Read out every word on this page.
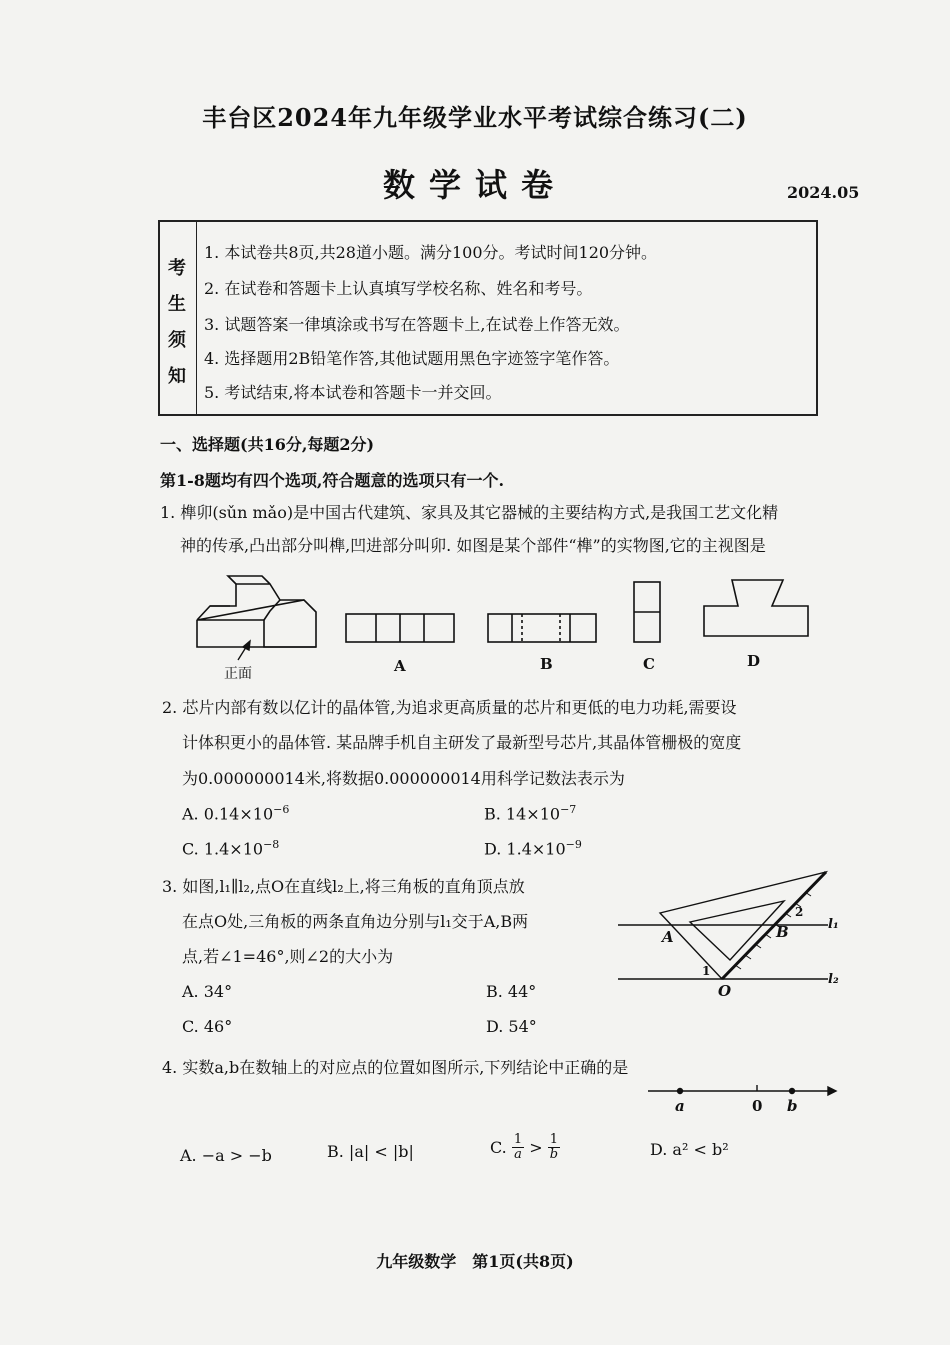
丰台区2024年九年级学业水平考试综合练习(二)
数学试卷	2024.05
考
生
须
知
1. 本试卷共8页,共28道小题。满分100分。考试时间120分钟。
2. 在试卷和答题卡上认真填写学校名称、姓名和考号。
3. 试题答案一律填涂或书写在答题卡上,在试卷上作答无效。
4. 选择题用2B铅笔作答,其他试题用黑色字迹签字笔作答。
5. 考试结束,将本试卷和答题卡一并交回。
一、选择题(共16分,每题2分)
第1-8题均有四个选项,符合题意的选项只有一个.
1. 榫卯(sǔn mǎo)是中国古代建筑、家具及其它器械的主要结构方式,是我国工艺文化精
神的传承,凸出部分叫榫,凹进部分叫卯. 如图是某个部件“榫”的实物图,它的主视图是
正面	A	B	C	D
2. 芯片内部有数以亿计的晶体管,为追求更高质量的芯片和更低的电力功耗,需要设
计体积更小的晶体管. 某品牌手机自主研发了最新型号芯片,其晶体管栅极的宽度
为0.000000014米,将数据0.000000014用科学记数法表示为
A. $0.14\times 10^{-6}$	B. $14\times 10^{-7}$
C. $1.4\times 10^{-8}$	D. $1.4\times 10^{-9}$
3. 如图,l₁∥l₂,点O在直线l₂上,将三角板的直角顶点放
在点O处,三角板的两条直角边分别与l₁交于A,B两
点,若∠1=46°,则∠2的大小为
A. 34°	B. 44°
C. 46°	D. 54°
A	B
O
1
2
l₁
l₂
4. 实数a,b在数轴上的对应点的位置如图所示,下列结论中正确的是
a	0 b
A. −a > −b	B. |a| < |b|	C. $\frac{1}{a} > \frac{1}{b}$	D. a² < b²
九年级数学　第1页(共8页)
